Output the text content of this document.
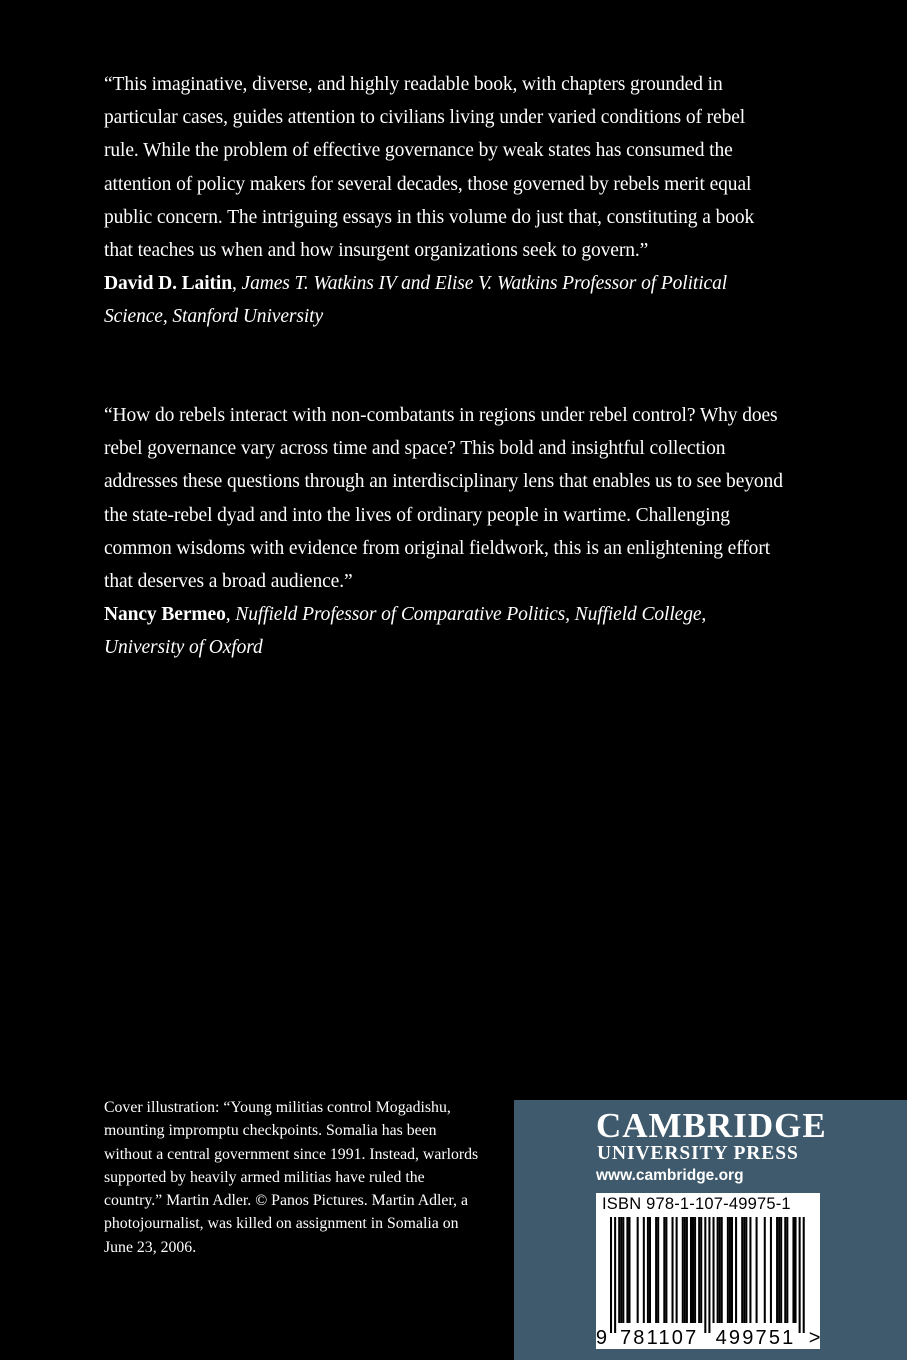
“This imaginative, diverse, and highly readable book, with chapters grounded in particular cases, guides attention to civilians living under varied conditions of rebel rule. While the problem of effective governance by weak states has consumed the attention of policy makers for several decades, those governed by rebels merit equal public concern. The intriguing essays in this volume do just that, constituting a book that teaches us when and how insurgent organizations seek to govern.”

David D. Laitin, James T. Watkins IV and Elise V. Watkins Professor of Political Science, Stanford University

“How do rebels interact with non-combatants in regions under rebel control? Why does rebel governance vary across time and space? This bold and insightful collection addresses these questions through an interdisciplinary lens that enables us to see beyond the state-rebel dyad and into the lives of ordinary people in wartime. Challenging common wisdoms with evidence from original fieldwork, this is an enlightening effort that deserves a broad audience.”

Nancy Bermeo, Nuffield Professor of Comparative Politics, Nuffield College, University of Oxford

Cover illustration: “Young militias control Mogadishu, mounting impromptu checkpoints. Somalia has been without a central government since 1991. Instead, warlords supported by heavily armed militias have ruled the country.” Martin Adler. © Panos Pictures. Martin Adler, a photojournalist, was killed on assignment in Somalia on June 23, 2006.
CAMBRIDGE
UNIVERSITY PRESS
www.cambridge.org
ISBN 978-1-107-49975-1
9 781107 499751 >
